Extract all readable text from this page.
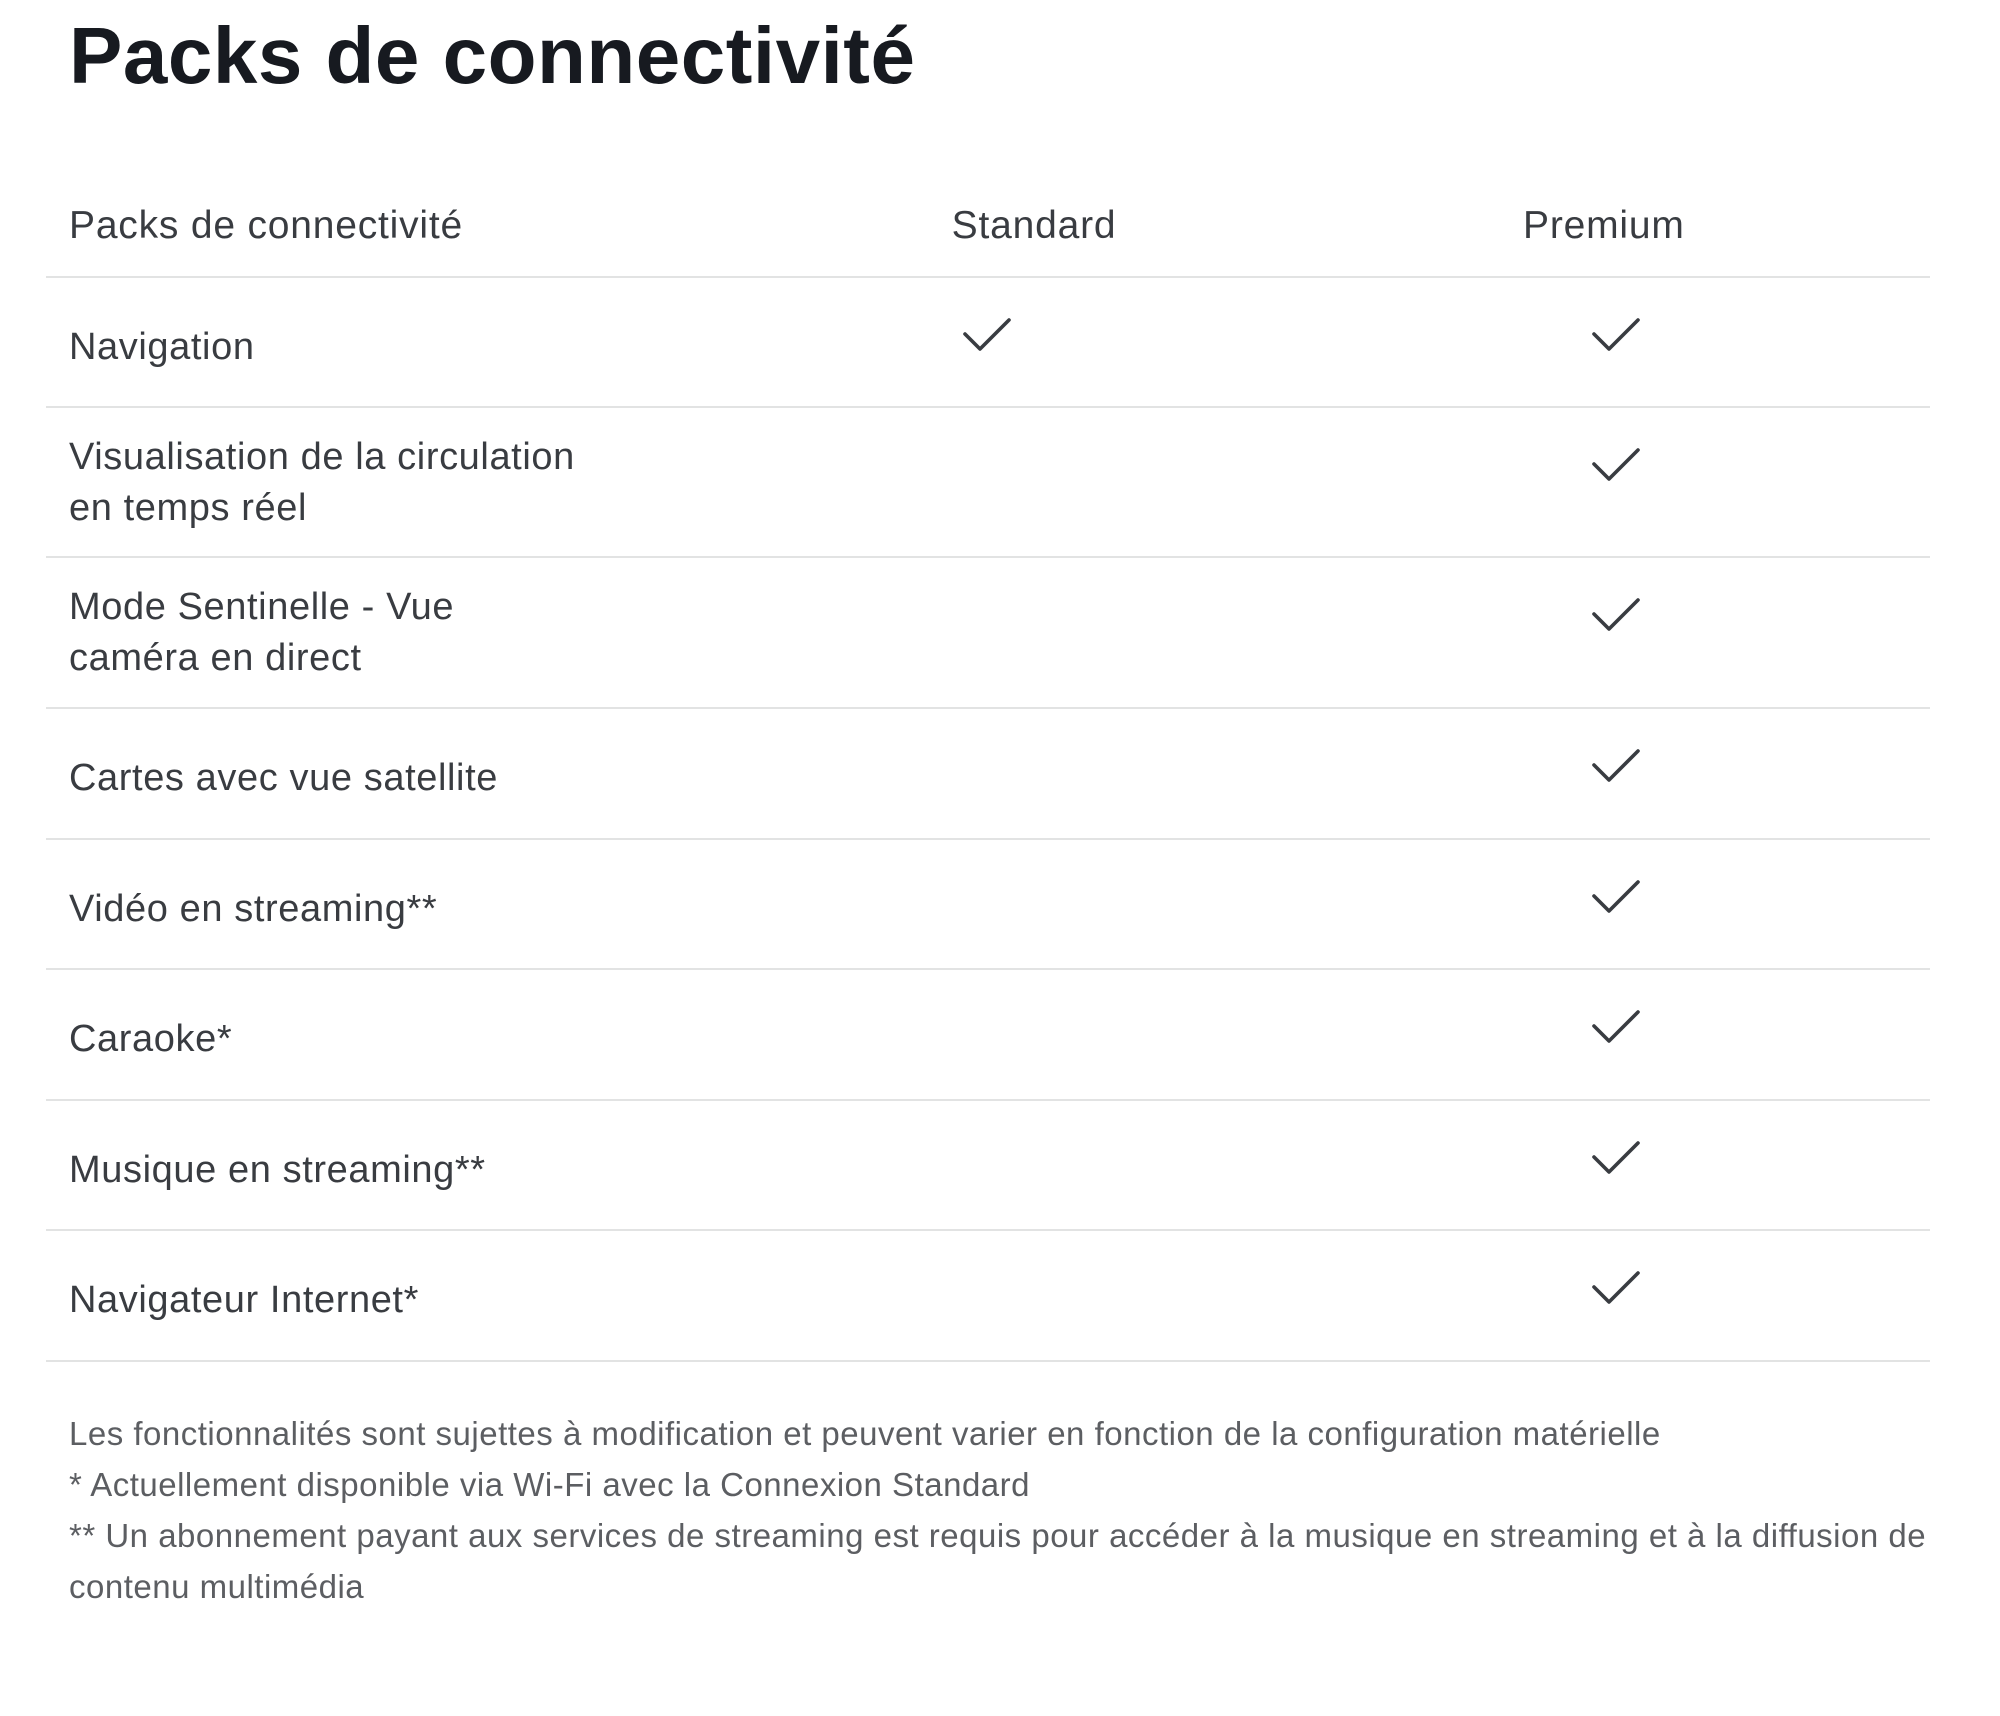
Packs de connectivité
Packs de connectivité	Standard	Premium
Navigation
Visualisation de la circulation en temps réel
Mode Sentinelle - Vue caméra en direct
Cartes avec vue satellite
Vidéo en streaming**
Caraoke*
Musique en streaming**
Navigateur Internet*

Les fonctionnalités sont sujettes à modification et peuvent varier en fonction de la configuration matérielle

* Actuellement disponible via Wi-Fi avec la Connexion Standard

** Un abonnement payant aux services de streaming est requis pour accéder à la musique en streaming et à la diffusion de contenu multimédia
